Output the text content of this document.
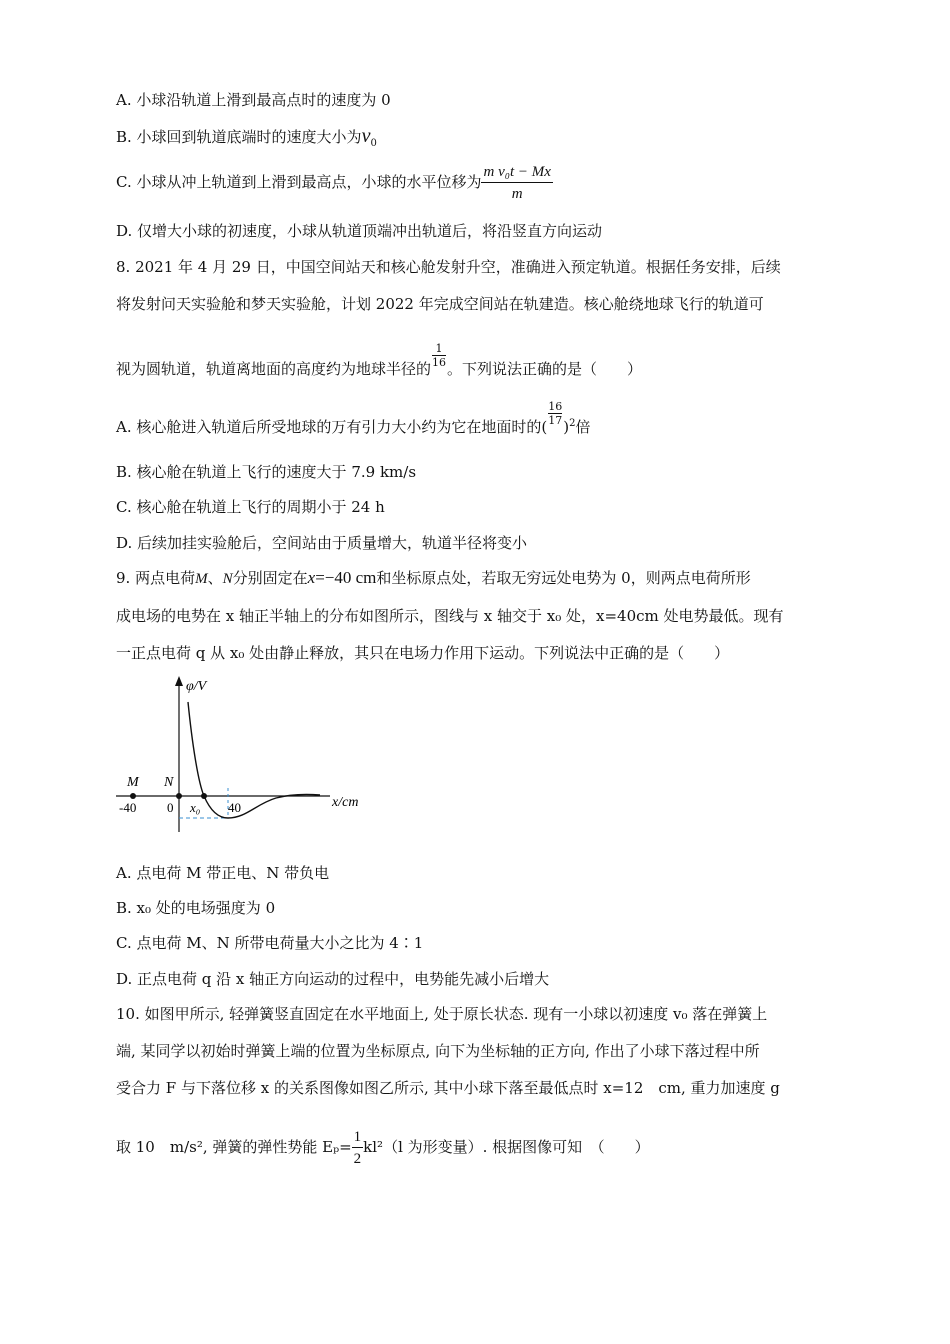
A. 小球沿轨道上滑到最高点时的速度为 0
B. 小球回到轨道底端时的速度大小为$v_0$
C. 小球从冲上轨道到上滑到最高点，小球的水平位移为 $\frac{\text{m v₀t − Mx}}{m}$
D. 仅增大小球的初速度，小球从轨道顶端冲出轨道后，将沿竖直方向运动
8. 2021 年 4 月 29 日，中国空间站天和核心舱发射升空，准确进入预定轨道。根据任务安排，后续
将发射问天实验舱和梦天实验舱，计划 2022 年完成空间站在轨建造。核心舱绕地球飞行的轨道可
视为圆轨道，轨道离地面的高度约为地球半径的 $\frac{1}{16}$ 。下列说法正确的是（　　）
A. 核心舱进入轨道后所受地球的万有引力大小约为它在地面时的( $\frac{16}{17} )^2$倍
B. 核心舱在轨道上飞行的速度大于 7.9 km/s
C. 核心舱在轨道上飞行的周期小于 24 h
D. 后续加挂实验舱后，空间站由于质量增大，轨道半径将变小
9. 两点电荷M、N分别固定在x=−40 cm和坐标原点处，若取无穷远处电势为 0，则两点电荷所形
成电场的电势在 x 轴正半轴上的分布如图所示，图线与 x 轴交于 x₀ 处，x=40cm 处电势最低。现有
一正点电荷 q 从 x₀ 处由静止释放，其只在电场力作用下运动。下列说法中正确的是（　　）
φ/V
x/cm
M N
-40 0 x₀ 40
A. 点电荷 M 带正电、N 带负电
B. x₀ 处的电场强度为 0
C. 点电荷 M、N 所带电荷量大小之比为 4∶1
D. 正点电荷 q 沿 x 轴正方向运动的过程中，电势能先减小后增大
10. 如图甲所示, 轻弹簧竖直固定在水平地面上, 处于原长状态. 现有一小球以初速度 v₀ 落在弹簧上
端, 某同学以初始时弹簧上端的位置为坐标原点, 向下为坐标轴的正方向, 作出了小球下落过程中所
受合力 F 与下落位移 x 的关系图像如图乙所示, 其中小球下落至最低点时 x=12　cm, 重力加速度 g
取 10　m/s², 弹簧的弹性势能 $E_p= \frac{1}{2} kl^2(l$ 为形变量）. 根据图像可知　（　　）
